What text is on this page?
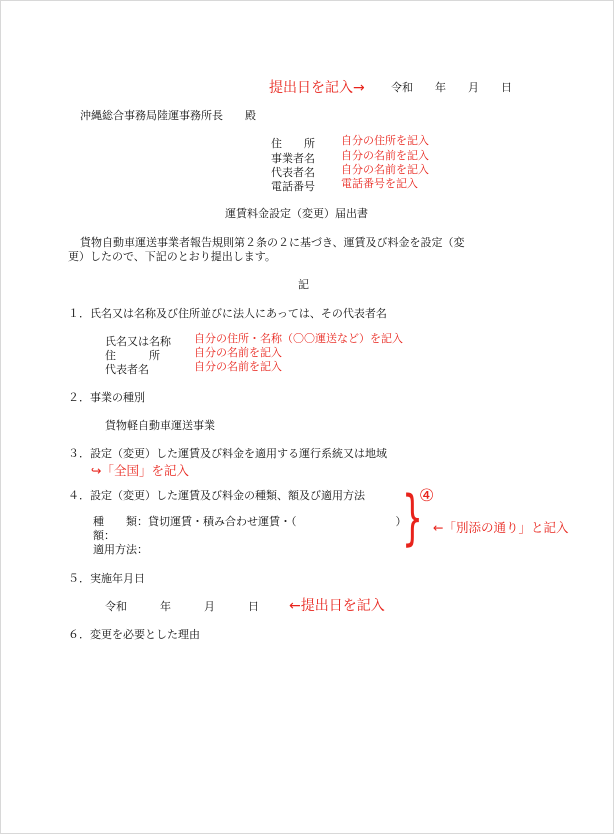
提出日を記入→ 令和　　年　　月　　日
沖縄総合事務局陸運事務所長　　殿
住　　所 自分の住所を記入
事業者名 自分の名前を記入
代表者名 自分の名前を記入
電話番号 電話番号を記入
運賃料金設定（変更）届出書
貨物自動車運送事業者報告規則第２条の２に基づき、運賃及び料金を設定（変
更）したので、下記のとおり提出します。
記
１．氏名又は名称及び住所並びに法人にあっては、その代表者名
氏名又は名称 自分の住所・名称（〇〇運送など）を記入
住　　　所	自分の名前を記入
代表者名	自分の名前を記入
２．事業の種別
貨物軽自動車運送事業
３．設定（変更）した運賃及び料金を適用する運行系統又は地域
↪「全国」を記入
４．設定（変更）した運賃及び料金の種類、額及び適用方法
種　　類：貸切運賃・積み合わせ運賃・（　　　　　　　　　）
額：
適用方法：	}
④
←「別添の通り」と記入
５．実施年月日
令和　　　年　　　月　　　日 ←提出日を記入
６．変更を必要とした理由
